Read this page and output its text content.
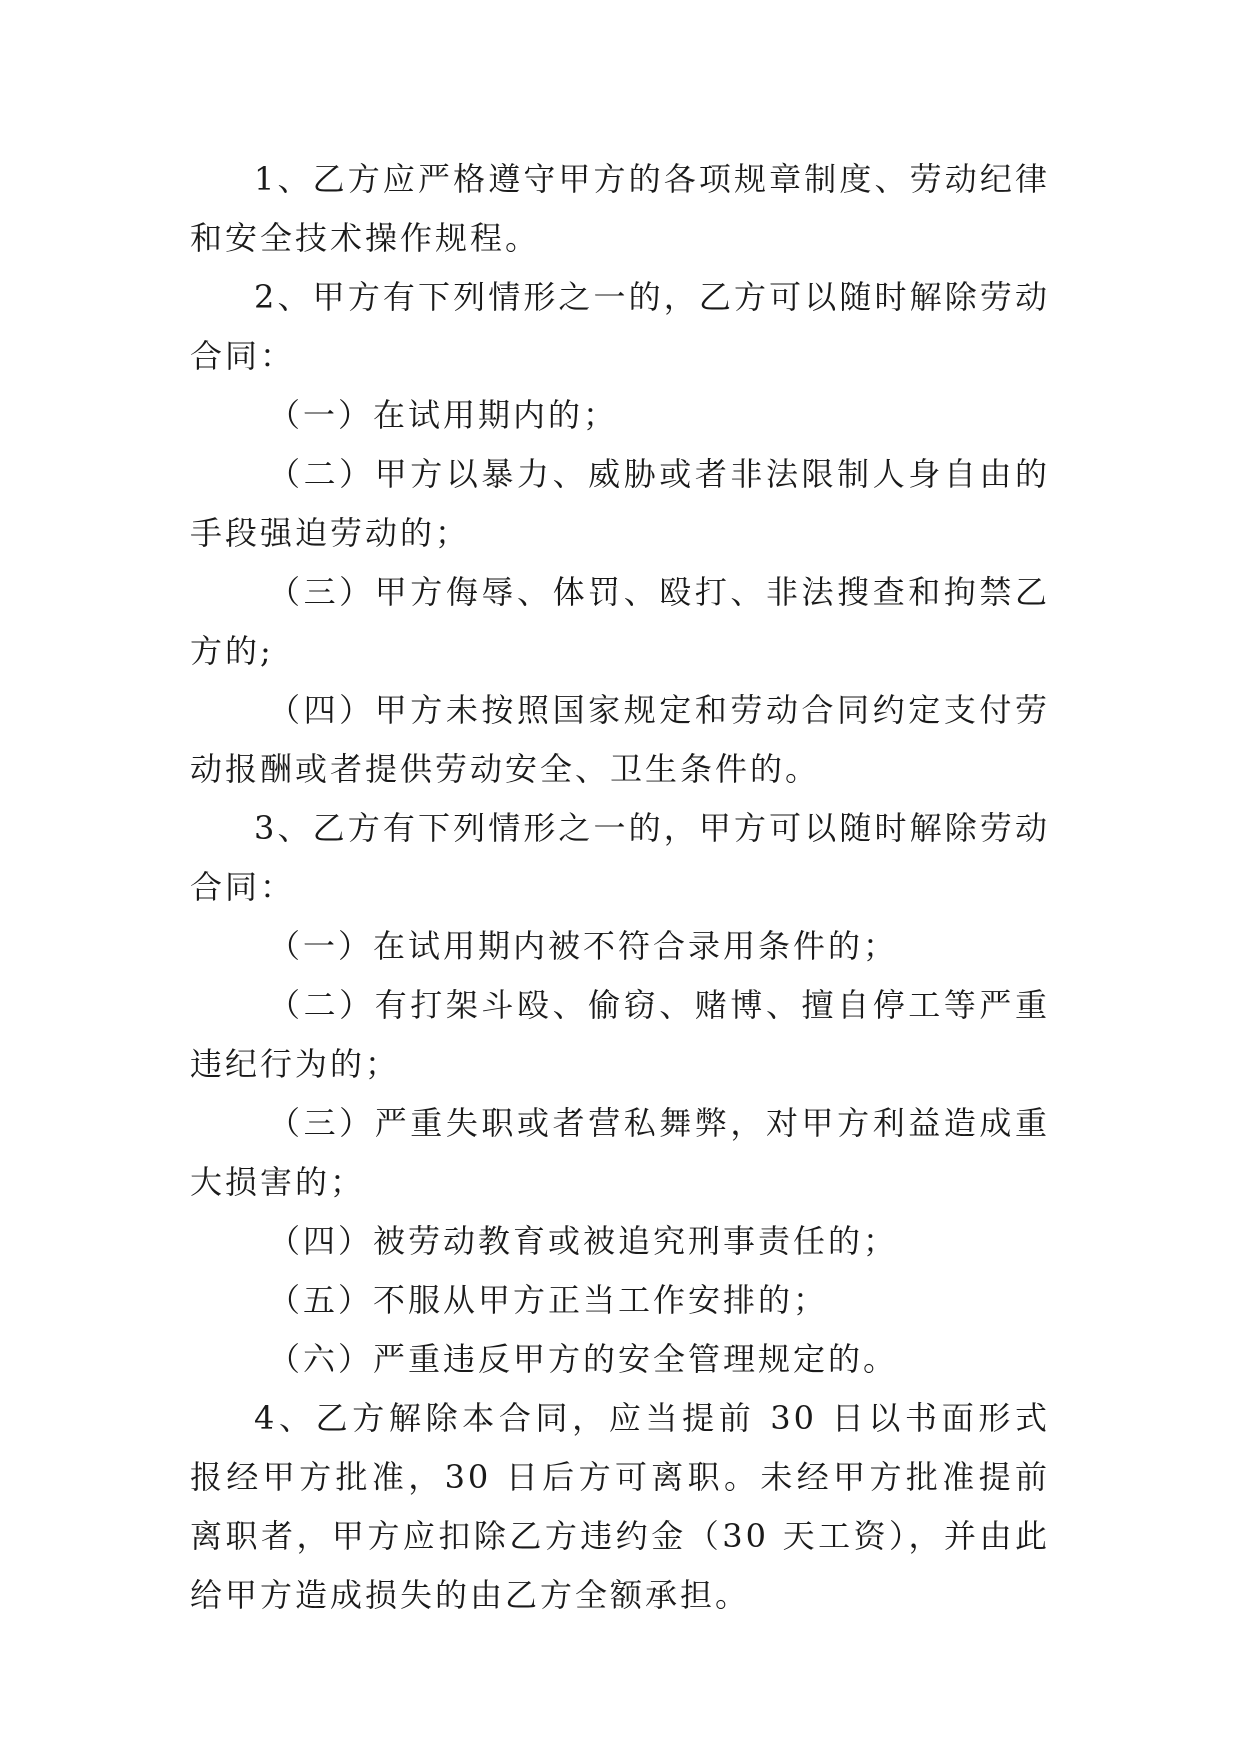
1、乙方应严格遵守甲方的各项规章制度、劳动纪律和安全技术操作规程。

2、甲方有下列情形之一的，乙方可以随时解除劳动合同：

（一）在试用期内的；

（二）甲方以暴力、威胁或者非法限制人身自由的手段强迫劳动的；

（三）甲方侮辱、体罚、殴打、非法搜查和拘禁乙方的;

（四）甲方未按照国家规定和劳动合同约定支付劳动报酬或者提供劳动安全、卫生条件的。

3、乙方有下列情形之一的，甲方可以随时解除劳动合同：

（一）在试用期内被不符合录用条件的；

（二）有打架斗殴、偷窃、赌博、擅自停工等严重违纪行为的；

（三）严重失职或者营私舞弊，对甲方利益造成重大损害的；

（四）被劳动教育或被追究刑事责任的；

（五）不服从甲方正当工作安排的；

（六）严重违反甲方的安全管理规定的。

4、乙方解除本合同，应当提前 30 日以书面形式报经甲方批准，30 日后方可离职。未经甲方批准提前离职者，甲方应扣除乙方违约金（30 天工资），并由此给甲方造成损失的由乙方全额承担。
